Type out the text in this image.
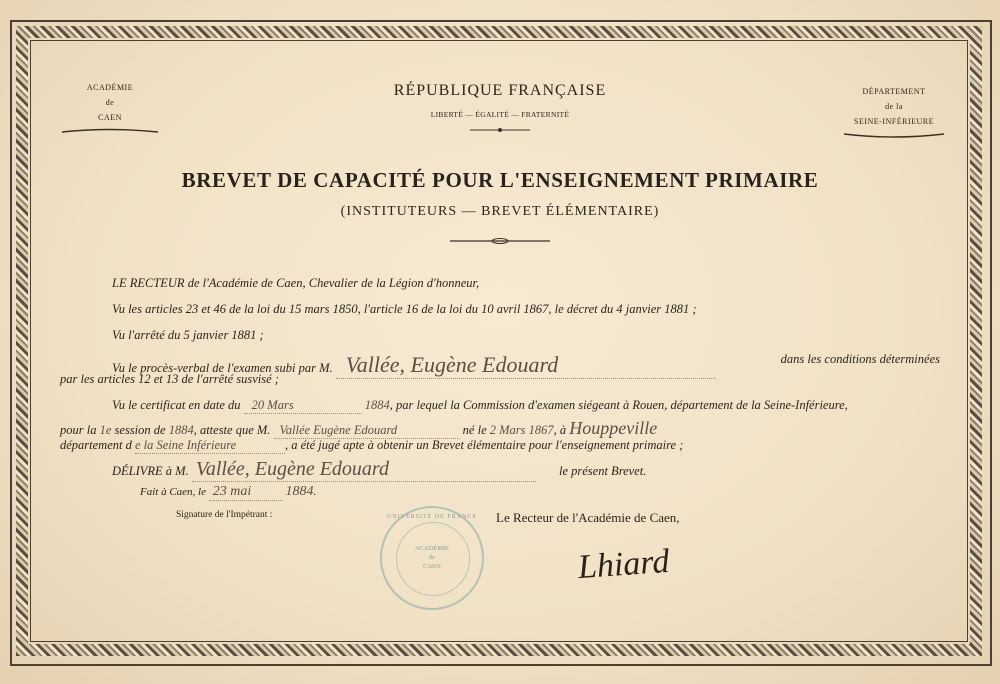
ACADÉMIE
de
CAEN
DÉPARTEMENT
de la
SEINE-INFÉRIEURE
RÉPUBLIQUE FRANÇAISE
LIBERTÉ — ÉGALITÉ — FRATERNITÉ
BREVET DE CAPACITÉ POUR L'ENSEIGNEMENT PRIMAIRE
(INSTITUTEURS — BREVET ÉLÉMENTAIRE)
LE RECTEUR de l'Académie de Caen, Chevalier de la Légion d'honneur,
Vu les articles 23 et 46 de la loi du 15 mars 1850, l'article 16 de la loi du 10 avril 1867, le décret du 4 janvier 1881 ;
Vu l'arrêté du 5 janvier 1881 ;
Vu le procès-verbal de l'examen subi par M. Vallée, Eugène Edouard	dans les conditions déterminées
par les articles 12 et 13 de l'arrêté susvisé ;
Vu le certificat en date du 20 Mars	1884, par lequel la Commission d'examen siégeant à Rouen, département de la Seine-Inférieure,
pour la 1e session de 1884, atteste que M. Vallée Eugène Edouard	né le 2 Mars 1867, à Houppeville
département d e la Seine Inférieure	, a été jugé apte à obtenir un Brevet élémentaire pour l'enseignement primaire ;
DÉLIVRE à M. Vallée, Eugène Edouard	le présent Brevet.
Fait à Caen, le 23 mai 1884.
Signature de l'Impétrant :	Le Recteur de l'Académie de Caen,
Lhiard
UNIVERSITÉ DE FRANCE
ACADÉMIE
de
CAEN
